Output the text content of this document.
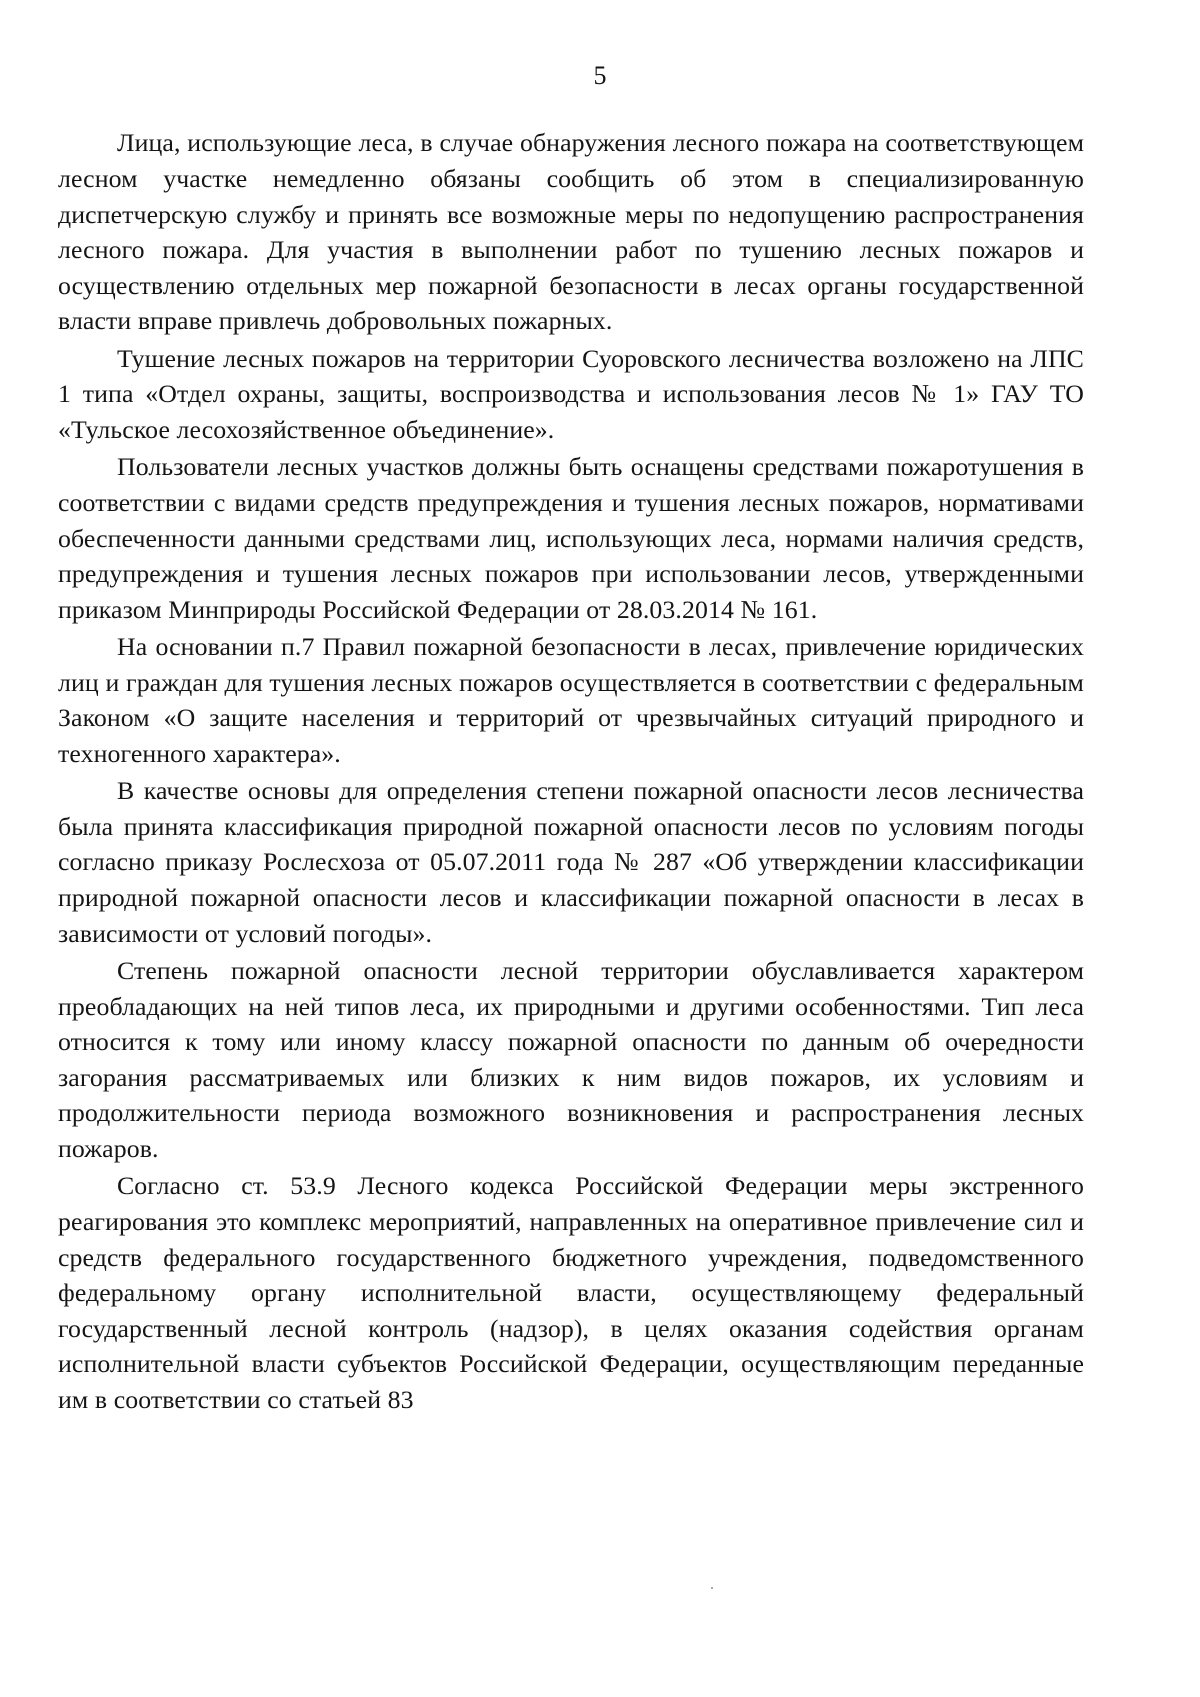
5

Лица, использующие леса, в случае обнаружения лесного пожара на соответствующем лесном участке немедленно обязаны сообщить об этом в специализированную диспетчерскую службу и принять все возможные меры по недопущению распространения лесного пожара. Для участия в выполнении работ по тушению лесных пожаров и осуществлению отдельных мер пожарной безопасности в лесах органы государственной власти вправе привлечь добровольных пожарных.

Тушение лесных пожаров на территории Суоровского лесничества возложено на ЛПС 1 типа «Отдел охраны, защиты, воспроизводства и использования лесов № 1» ГАУ ТО «Тульское лесохозяйственное объединение».

Пользователи лесных участков должны быть оснащены средствами пожаротушения в соответствии с видами средств предупреждения и тушения лесных пожаров, нормативами обеспеченности данными средствами лиц, использующих леса, нормами наличия средств, предупреждения и тушения лесных пожаров при использовании лесов, утвержденными приказом Минприроды Российской Федерации от 28.03.2014 № 161.

На основании п.7 Правил пожарной безопасности в лесах, привлечение юридических лиц и граждан для тушения лесных пожаров осуществляется в соответствии с федеральным Законом «О защите населения и территорий от чрезвычайных ситуаций природного и техногенного характера».

В качестве основы для определения степени пожарной опасности лесов лесничества была принята классификация природной пожарной опасности лесов по условиям погоды согласно приказу Рослесхоза от 05.07.2011 года № 287 «Об утверждении классификации природной пожарной опасности лесов и классификации пожарной опасности в лесах в зависимости от условий погоды».

Степень пожарной опасности лесной территории обуславливается характером преобладающих на ней типов леса, их природными и другими особенностями. Тип леса относится к тому или иному классу пожарной опасности по данным об очередности загорания рассматриваемых или близких к ним видов пожаров, их условиям и продолжительности периода возможного возникновения и распространения лесных пожаров.

Согласно ст. 53.9 Лесного кодекса Российской Федерации меры экстренного реагирования это комплекс мероприятий, направленных на оперативное привлечение сил и средств федерального государственного бюджетного учреждения, подведомственного федеральному органу исполнительной власти, осуществляющему федеральный государственный лесной контроль (надзор), в целях оказания содействия органам исполнительной власти субъектов Российской Федерации, осуществляющим переданные им в соответствии со статьей 83
